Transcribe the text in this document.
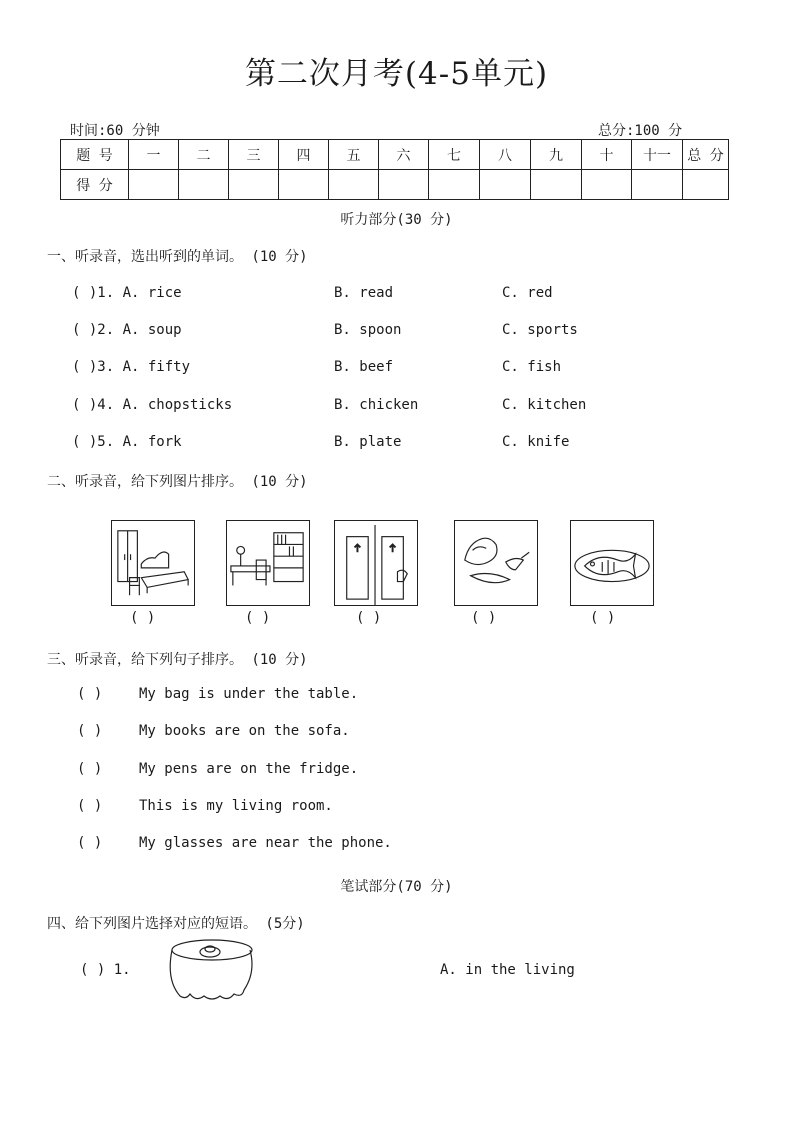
第二次月考(4-5单元)
时间:60 分钟	总分:100 分
题 号	一	二	三	四	五	六	七	八	九	十	十一	总 分
得 分												
听力部分(30 分)
一、听录音，选出听到的单词。 (10 分)
( )1. A. rice	B. read	C. red
( )2. A. soup	B. spoon	C. sports
( )3. A. fifty	B. beef	C. fish
( )4. A. chopsticks	B. chicken	C. kitchen
( )5. A. fork	B. plate	C. knife
二、听录音，给下列图片排序。 (10 分)
( )	( )	( )	( )	( )
三、听录音，给下列句子排序。 (10 分)
( )	My bag is under the table.
( )	My books are on the sofa.
( )	My pens are on the fridge.
( )	This is my living room.
( )	My glasses are near the phone.
笔试部分(70 分)
四、给下列图片选择对应的短语。 (5分)
( ) 1.	A. in the living
